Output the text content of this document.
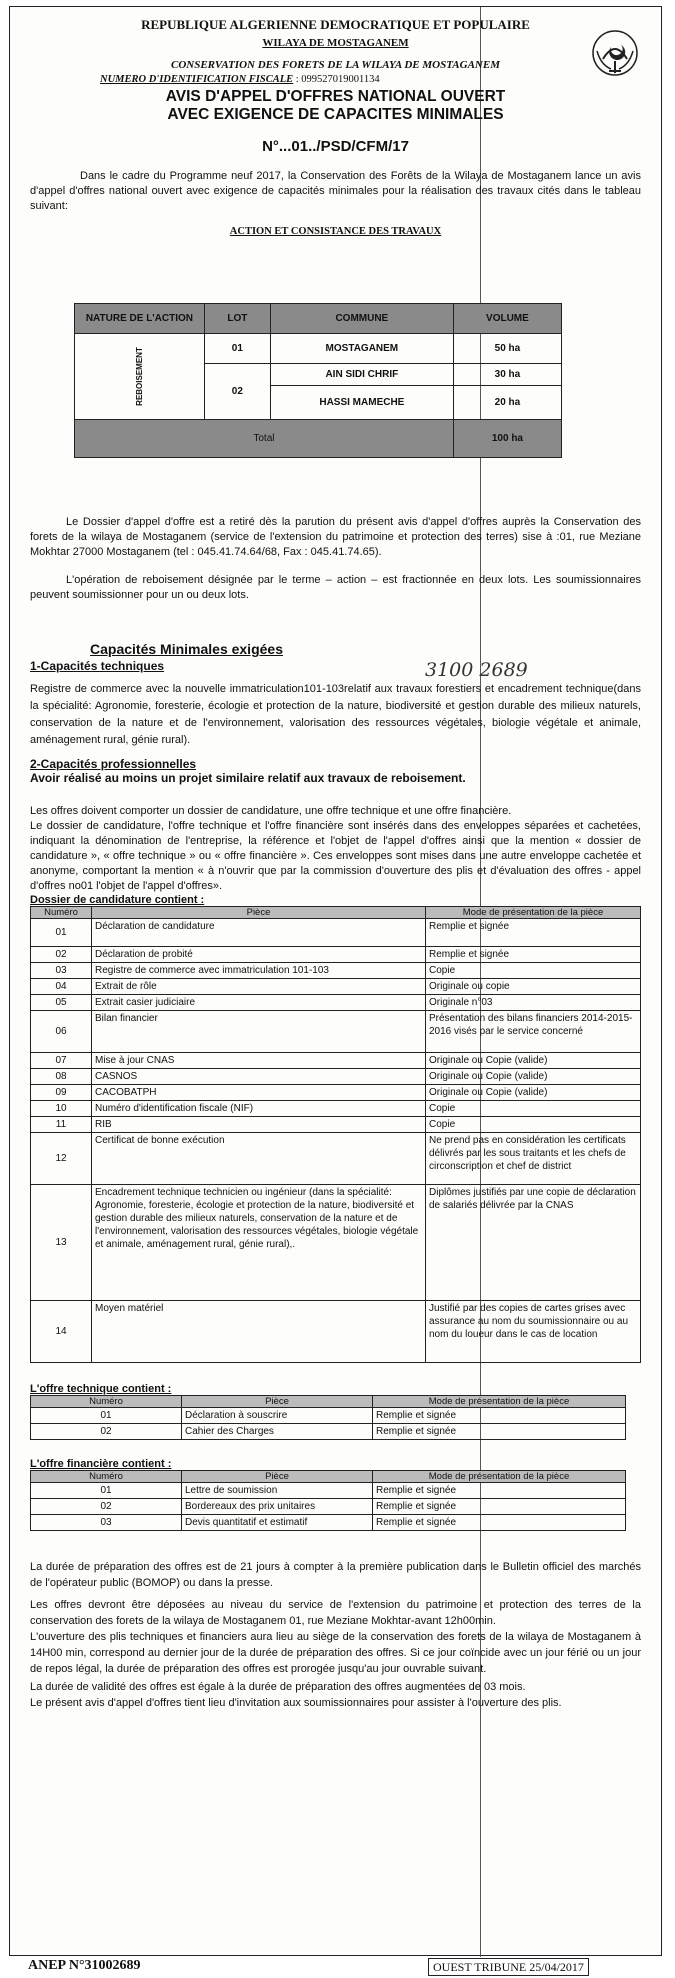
REPUBLIQUE ALGERIENNE DEMOCRATIQUE ET POPULAIRE
WILAYA DE MOSTAGANEM
CONSERVATION DES FORETS DE LA WILAYA DE MOSTAGANEM
NUMERO D'IDENTIFICATION FISCALE : 099527019001134
AVIS D'APPEL D'OFFRES NATIONAL OUVERT
AVEC EXIGENCE DE CAPACITES MINIMALES
N°...01../PSD/CFM/17

Dans le cadre du Programme neuf 2017, la Conservation des Forêts de la Wilaya de Mostaganem lance un avis d'appel d'offres national ouvert avec exigence de capacités minimales pour la réalisation des travaux cités dans le tableau suivant:

ACTION ET CONSISTANCE DES TRAVAUX
NATURE DE L'ACTION	LOT	COMMUNE	VOLUME
REBOISEMENT	01	MOSTAGANEM	50 ha
	02	AIN SIDI CHRIF	30 ha
		HASSI MAMECHE	20 ha
Total			100 ha

Le Dossier d'appel d'offre est a retiré dès la parution du présent avis d'appel d'offres auprès la Conservation des forets de la wilaya de Mostaganem (service de l'extension du patrimoine et protection des terres) sise à :01, rue Meziane Mokhtar 27000 Mostaganem (tel : 045.41.74.64/68, Fax : 045.41.74.65).

L'opération de reboisement désignée par le terme – action – est fractionnée en deux lots. Les soumissionnaires peuvent soumissionner pour un ou deux lots.

Capacités Minimales exigées
1-Capacités techniques

Registre de commerce avec la nouvelle immatriculation101-103relatif aux travaux forestiers et encadrement technique(dans la spécialité: Agronomie, foresterie, écologie et protection de la nature, biodiversité et gestion durable des milieux naturels, conservation de la nature et de l'environnement, valorisation des ressources végétales, biologie végétale et animale, aménagement rural, génie rural).

2-Capacités professionnelles

Avoir réalisé au moins un projet similaire relatif aux travaux de reboisement.

Les offres doivent comporter un dossier de candidature, une offre technique et une offre financière.

Le dossier de candidature, l'offre technique et l'offre financière sont insérés dans des enveloppes séparées et cachetées, indiquant la dénomination de l'entreprise, la référence et l'objet de l'appel d'offres ainsi que la mention « dossier de candidature », « offre technique » ou « offre financière ». Ces enveloppes sont mises dans une autre enveloppe cachetée et anonyme, comportant la mention « à n'ouvrir que par la commission d'ouverture des plis et d'évaluation des offres - appel d'offres no01 l'objet de l'appel d'offres».

Dossier de candidature contient :
Numéro	Pièce	Mode de présentation de la pièce
01	Déclaration de candidature	Remplie et signée
02	Déclaration de probité	Remplie et signée
03	Registre de commerce avec immatriculation 101-103	Copie
04	Extrait de rôle	Originale ou copie
05	Extrait casier judiciaire	Originale n°03
06	Bilan financier	Présentation des bilans financiers 2014-2015-2016 visés par le service concerné
07	Mise à jour CNAS	Originale ou Copie (valide)
08	CASNOS	Originale ou Copie (valide)
09	CACOBATPH	Originale ou Copie (valide)
10	Numéro d'identification fiscale (NIF)	Copie
11	RIB	Copie
12	Certificat de bonne exécution	Ne prend pas en considération les certificats délivrés par les sous traitants et les chefs de circonscription et chef de district
13	Encadrement technique technicien ou ingénieur (dans la spécialité: Agronomie, foresterie, écologie et protection de la nature, biodiversité et gestion durable des milieux naturels, conservation de la nature et de l'environnement, valorisation des ressources végétales, biologie végétale et animale, aménagement rural, génie rural),.	Diplômes justifiés par une copie de déclaration de salariés délivrée par la CNAS
14	Moyen matériel	Justifié par des copies de cartes grises avec assurance au nom du soumissionnaire ou au nom du loueur dans le cas de location
L'offre technique contient :
Numéro	Pièce	Mode de présentation de la pièce
01	Déclaration à souscrire	Remplie et signée
02	Cahier des Charges	Remplie et signée
L'offre financière contient :
Numéro	Pièce	Mode de présentation de la pièce
01	Lettre de soumission	Remplie et signée
02	Bordereaux des prix unitaires	Remplie et signée
03	Devis quantitatif et estimatif	Remplie et signée

La durée de préparation des offres est de 21 jours à compter à la première publication dans le Bulletin officiel des marchés de l'opérateur public (BOMOP) ou dans la presse.

Les offres devront être déposées au niveau du service de l'extension du patrimoine et protection des terres de la conservation des forets de la wilaya de Mostaganem 01, rue Meziane Mokhtar-avant 12h00min.

L'ouverture des plis techniques et financiers aura lieu au siège de la conservation des forets de la wilaya de Mostaganem à 14H00 min, correspond au dernier jour de la durée de préparation des offres. Si ce jour coïncide avec un jour férié ou un jour de repos légal, la durée de préparation des offres est prorogée jusqu'au jour ouvrable suivant.

La durée de validité des offres est égale à la durée de préparation des offres augmentées de 03 mois.

Le présent avis d'appel d'offres tient lieu d'invitation aux soumissionnaires pour assister à l'ouverture des plis.

3100 2689
ANEP N°31002689	OUEST TRIBUNE 25/04/2017
